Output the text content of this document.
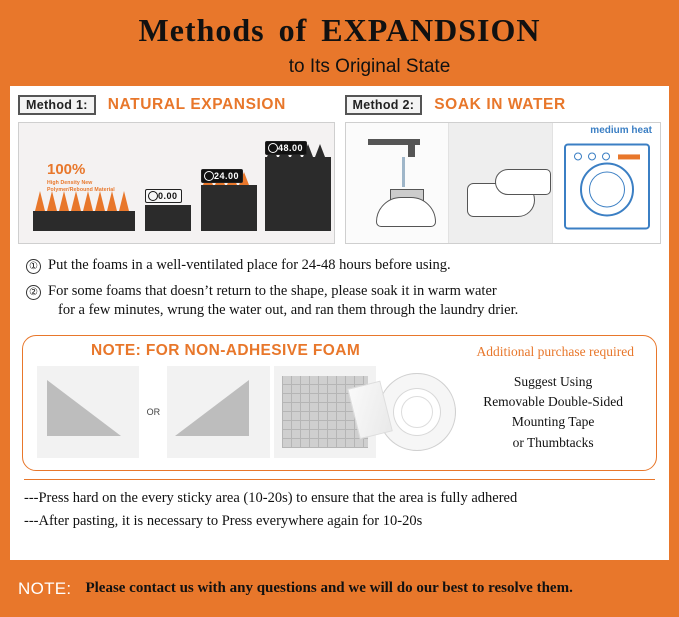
Methods of EXPANDSION
to Its Original State
Method 1:	NATURAL EXPANSION
100%
High Density New
Polymer/Rebound Material
0.00
24.00
48.00
Method 2:	SOAK IN WATER
medium heat
① Put the foams in a well-ventilated place for 24-48 hours before using.
② For some foams that doesn’t return to the shape, please soak it in warm water
for a few minutes, wrung the water out, and ran them through the laundry drier.
NOTE: FOR NON-ADHESIVE FOAM	Additional purchase required
OR
Suggest Using
Removable Double-Sided Mounting Tape
or Thumbtacks
---Press hard on the every sticky area (10-20s) to ensure that the area is fully adhered
---After pasting, it is necessary to Press everywhere again for 10-20s
NOTE: Please contact us with any questions and we will do our best to resolve them.
